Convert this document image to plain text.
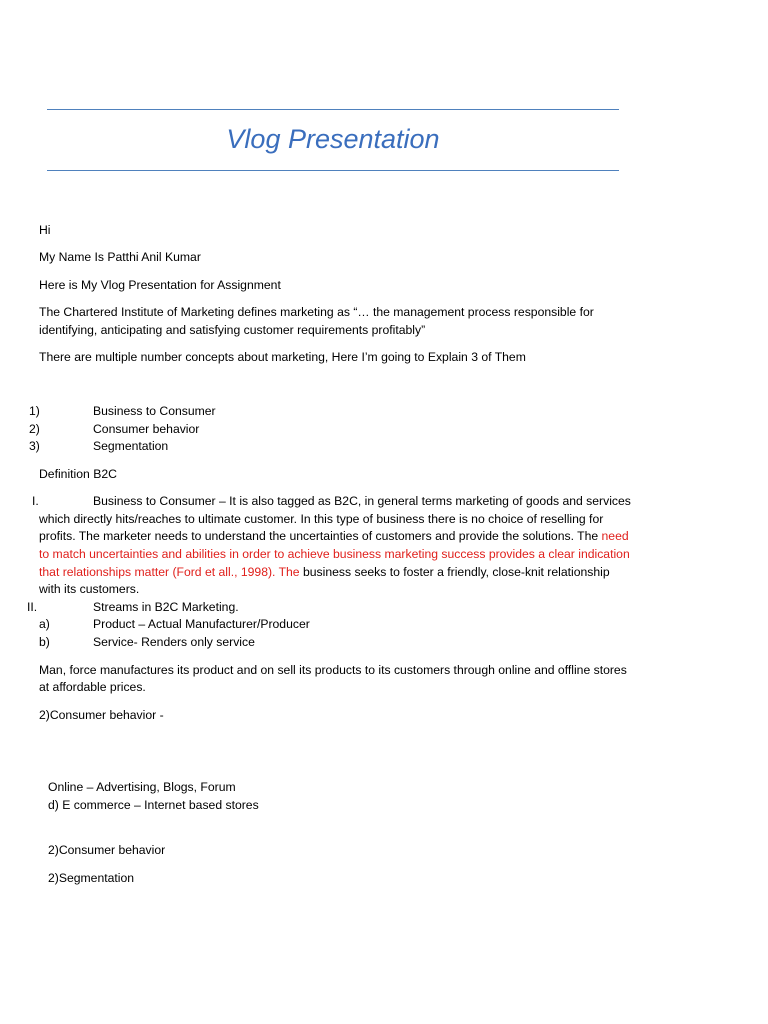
Vlog Presentation
Hi
My Name Is Patthi Anil Kumar
Here is My Vlog Presentation for Assignment
The Chartered Institute of Marketing defines marketing as “… the management process responsible for
identifying, anticipating and satisfying customer requirements profitably”
There are multiple number concepts about marketing, Here I’m going to Explain 3 of Them
1)	Business to Consumer
2)	Consumer behavior
3)	Segmentation
Definition B2C
I.	Business to Consumer – It is also tagged as B2C, in general terms marketing of goods and services
which directly hits/reaches to ultimate customer. In this type of business there is no choice of reselling for
profits. The marketer needs to understand the uncertainties of customers and provide the solutions. The need
to match uncertainties and abilities in order to achieve business marketing success provides a clear indication
that relationships matter (Ford et all., 1998). The business seeks to foster a friendly, close-knit relationship
with its customers.
II.	Streams in B2C Marketing.
a)	Product – Actual Manufacturer/Producer
b)	Service- Renders only service
Man, force manufactures its product and on sell its products to its customers through online and offline stores
at affordable prices.
2)Consumer behavior -
Online – Advertising, Blogs, Forum
d) E commerce – Internet based stores
2)Consumer behavior
2)Segmentation
